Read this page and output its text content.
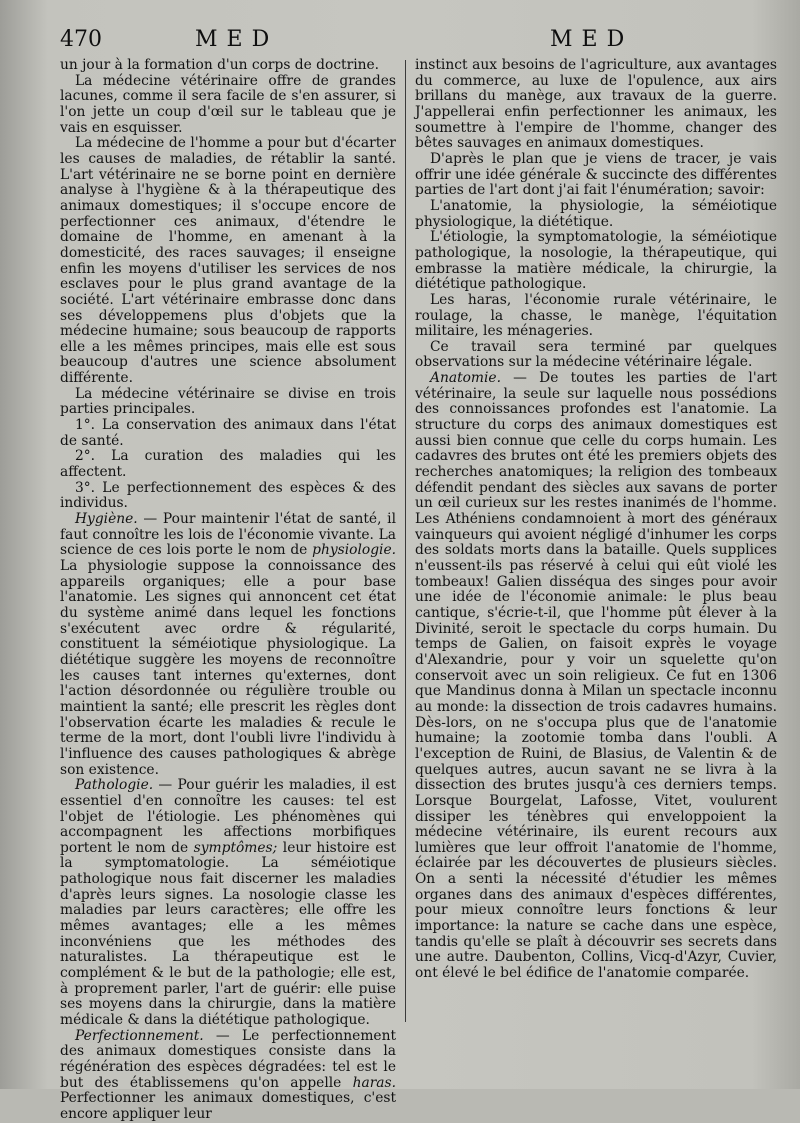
470	MED	MED

un jour à la formation d'un corps de doctrine.

La médecine vétérinaire offre de grandes lacunes, comme il sera facile de s'en assurer, si l'on jette un coup d'œil sur le tableau que je vais en esquisser.

La médecine de l'homme a pour but d'écarter les causes de maladies, de rétablir la santé. L'art vétérinaire ne se borne point en dernière analyse à l'hygiène & à la thérapeutique des animaux domestiques; il s'occupe encore de perfectionner ces animaux, d'étendre le domaine de l'homme, en amenant à la domesticité, des races sauvages; il enseigne enfin les moyens d'utiliser les services de nos esclaves pour le plus grand avantage de la société. L'art vétérinaire embrasse donc dans ses développemens plus d'objets que la médecine humaine; sous beaucoup de rapports elle a les mêmes principes, mais elle est sous beaucoup d'autres une science absolument différente.

La médecine vétérinaire se divise en trois parties principales.

1°. La conservation des animaux dans l'état de santé.

2°. La curation des maladies qui les affectent.

3°. Le perfectionnement des espèces & des individus.

Hygiène. — Pour maintenir l'état de santé, il faut connoître les lois de l'économie vivante. La science de ces lois porte le nom de physiologie. La physiologie suppose la connoissance des appareils organiques; elle a pour base l'anatomie. Les signes qui annoncent cet état du système animé dans lequel les fonctions s'exécutent avec ordre & régularité, constituent la séméiotique physiologique. La diététique suggère les moyens de reconnoître les causes tant internes qu'externes, dont l'action désordonnée ou régulière trouble ou maintient la santé; elle prescrit les règles dont l'observation écarte les maladies & recule le terme de la mort, dont l'oubli livre l'individu à l'influence des causes pathologiques & abrège son existence.

Pathologie. — Pour guérir les maladies, il est essentiel d'en connoître les causes: tel est l'objet de l'étiologie. Les phénomènes qui accompagnent les affections morbifiques portent le nom de symptômes; leur histoire est la symptomatologie. La séméiotique pathologique nous fait discerner les maladies d'après leurs signes. La nosologie classe les maladies par leurs caractères; elle offre les mêmes avantages; elle a les mêmes inconvéniens que les méthodes des naturalistes. La thérapeutique est le complément & le but de la pathologie; elle est, à proprement parler, l'art de guérir: elle puise ses moyens dans la chirurgie, dans la matière médicale & dans la diététique pathologique.

Perfectionnement. — Le perfectionnement des animaux domestiques consiste dans la régénération des espèces dégradées: tel est le but des établissemens qu'on appelle haras. Perfectionner les animaux domestiques, c'est encore appliquer leur

instinct aux besoins de l'agriculture, aux avantages du commerce, au luxe de l'opulence, aux airs brillans du manège, aux travaux de la guerre. J'appellerai enfin perfectionner les animaux, les soumettre à l'empire de l'homme, changer des bêtes sauvages en animaux domestiques.

D'après le plan que je viens de tracer, je vais offrir une idée générale & succincte des différentes parties de l'art dont j'ai fait l'énumération; savoir:

L'anatomie, la physiologie, la séméiotique physiologique, la diététique.

L'étiologie, la symptomatologie, la séméiotique pathologique, la nosologie, la thérapeutique, qui embrasse la matière médicale, la chirurgie, la diététique pathologique.

Les haras, l'économie rurale vétérinaire, le roulage, la chasse, le manège, l'équitation militaire, les ménageries.

Ce travail sera terminé par quelques observations sur la médecine vétérinaire légale.

Anatomie. — De toutes les parties de l'art vétérinaire, la seule sur laquelle nous possédions des connoissances profondes est l'anatomie. La structure du corps des animaux domestiques est aussi bien connue que celle du corps humain. Les cadavres des brutes ont été les premiers objets des recherches anatomiques; la religion des tombeaux défendit pendant des siècles aux savans de porter un œil curieux sur les restes inanimés de l'homme. Les Athéniens condamnoient à mort des généraux vainqueurs qui avoient négligé d'inhumer les corps des soldats morts dans la bataille. Quels supplices n'eussent-ils pas réservé à celui qui eût violé les tombeaux! Galien disséqua des singes pour avoir une idée de l'économie animale: le plus beau cantique, s'écrie-t-il, que l'homme pût élever à la Divinité, seroit le spectacle du corps humain. Du temps de Galien, on faisoit exprès le voyage d'Alexandrie, pour y voir un squelette qu'on conservoit avec un soin religieux. Ce fut en 1306 que Mandinus donna à Milan un spectacle inconnu au monde: la dissection de trois cadavres humains. Dès-lors, on ne s'occupa plus que de l'anatomie humaine; la zootomie tomba dans l'oubli. A l'exception de Ruini, de Blasius, de Valentin & de quelques autres, aucun savant ne se livra à la dissection des brutes jusqu'à ces derniers temps. Lorsque Bourgelat, Lafosse, Vitet, voulurent dissiper les ténèbres qui enveloppoient la médecine vétérinaire, ils eurent recours aux lumières que leur offroit l'anatomie de l'homme, éclairée par les découvertes de plusieurs siècles. On a senti la nécessité d'étudier les mêmes organes dans des animaux d'espèces différentes, pour mieux connoître leurs fonctions & leur importance: la nature se cache dans une espèce, tandis qu'elle se plaît à découvrir ses secrets dans une autre. Daubenton, Collins, Vicq-d'Azyr, Cuvier, ont élevé le bel édifice de l'anatomie comparée.
